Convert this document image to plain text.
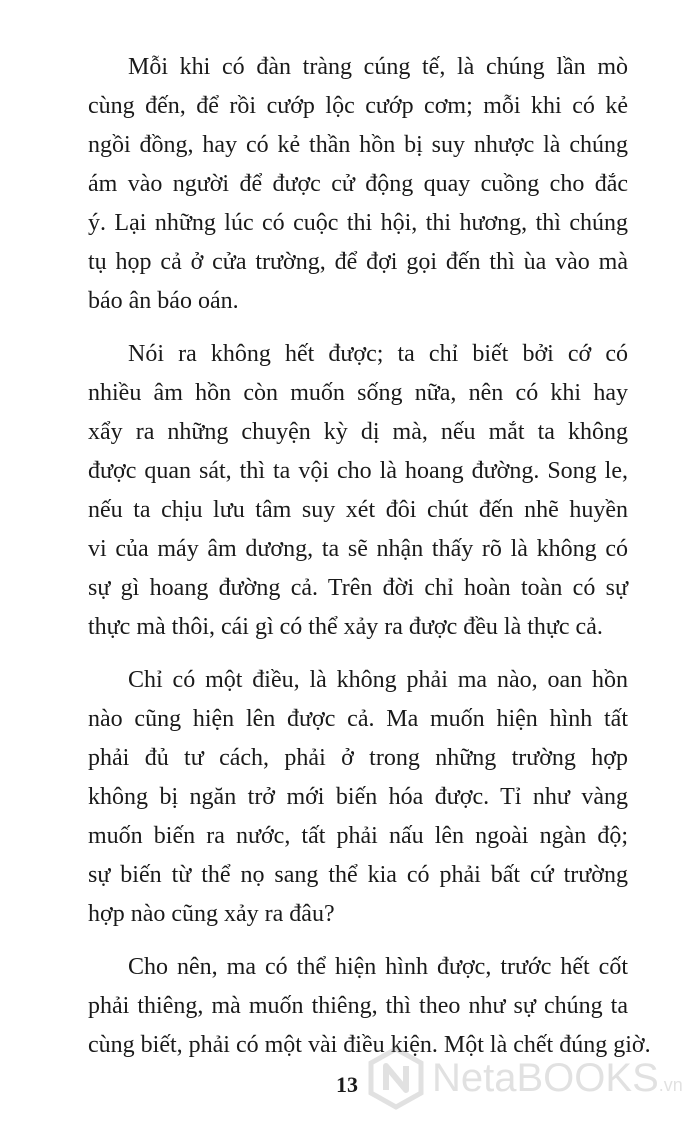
Mỗi khi có đàn tràng cúng tế, là chúng lần mò
cùng đến, để rồi cướp lộc cướp cơm; mỗi khi có kẻ
ngồi đồng, hay có kẻ thần hồn bị suy nhược là chúng
ám vào người để được cử động quay cuồng cho đắc
ý. Lại những lúc có cuộc thi hội, thi hương, thì chúng
tụ họp cả ở cửa trường, để đợi gọi đến thì ùa vào mà
báo ân báo oán.
Nói ra không hết được; ta chỉ biết bởi cớ có
nhiều âm hồn còn muốn sống nữa, nên có khi hay
xẩy ra những chuyện kỳ dị mà, nếu mắt ta không
được quan sát, thì ta vội cho là hoang đường. Song le,
nếu ta chịu lưu tâm suy xét đôi chút đến nhẽ huyền
vi của máy âm dương, ta sẽ nhận thấy rõ là không có
sự gì hoang đường cả. Trên đời chỉ hoàn toàn có sự
thực mà thôi, cái gì có thể xảy ra được đều là thực cả.
Chỉ có một điều, là không phải ma nào, oan hồn
nào cũng hiện lên được cả. Ma muốn hiện hình tất
phải đủ tư cách, phải ở trong những trường hợp
không bị ngăn trở mới biến hóa được. Tỉ như vàng
muốn biến ra nước, tất phải nấu lên ngoài ngàn độ;
sự biến từ thể nọ sang thể kia có phải bất cứ trường
hợp nào cũng xảy ra đâu?
Cho nên, ma có thể hiện hình được, trước hết cốt
phải thiêng, mà muốn thiêng, thì theo như sự chúng ta
cùng biết, phải có một vài điều kiện. Một là chết đúng giờ.
13 NetaBOOKS.vn
